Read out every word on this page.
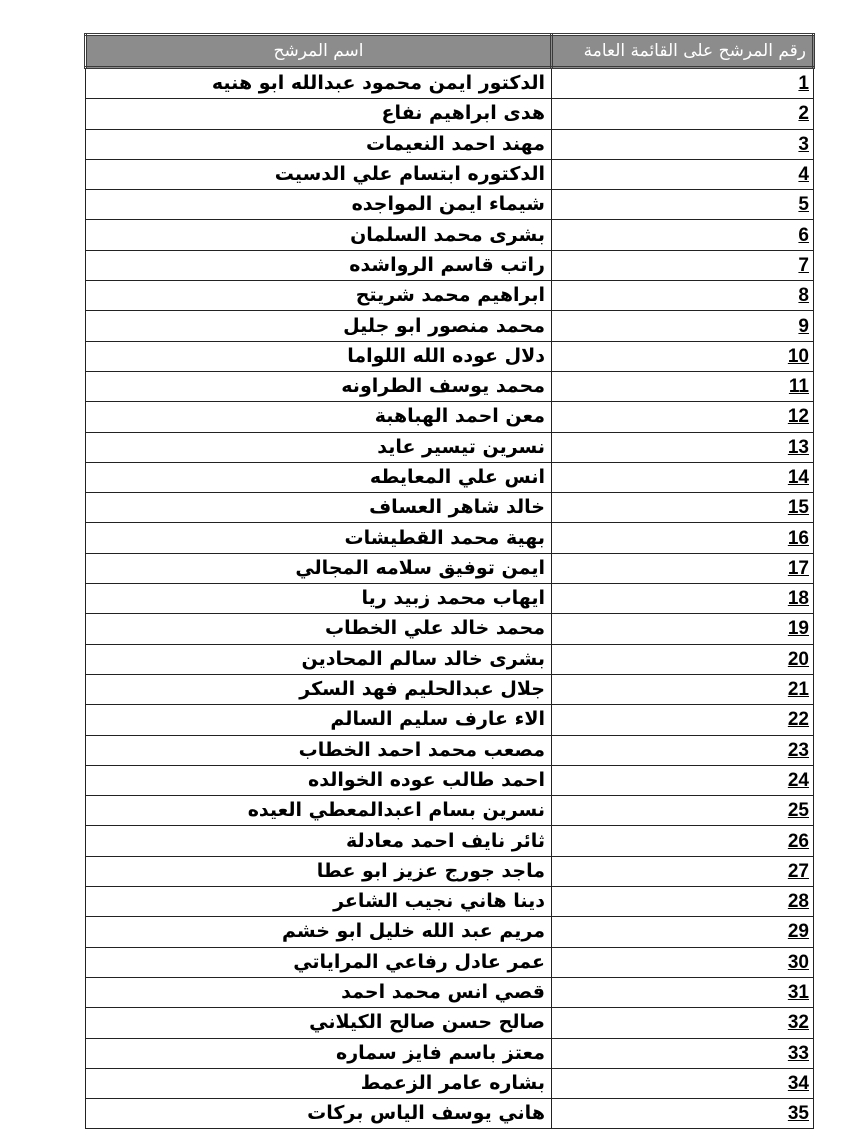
رقم المرشح على القائمة العامة	اسم المرشح
1	الدكتور ايمن محمود عبدالله ابو هنيه
2	هدى ابراهيم نفاع
3	مهند احمد النعيمات
4	الدكتوره ابتسام علي الدسيت
5	شيماء ايمن المواجده
6	بشرى محمد السلمان
7	راتب قاسم الرواشده
8	ابراهيم محمد شريتح
9	محمد منصور ابو جليل
10	دلال عوده الله اللواما
11	محمد يوسف الطراونه
12	معن احمد الهباهبة
13	نسرين تيسير عايد
14	انس علي المعايطه
15	خالد شاهر العساف
16	بهية محمد القطيشات
17	ايمن توفيق سلامه المجالي
18	ايهاب محمد زبيد ريا
19	محمد خالد علي الخطاب
20	بشرى خالد سالم المحادين
21	جلال عبدالحليم فهد السكر
22	الاء عارف سليم السالم
23	مصعب محمد احمد الخطاب
24	احمد طالب عوده الخوالده
25	نسرين بسام اعبدالمعطي العيده
26	ثائر نايف احمد معادلة
27	ماجد جورج عزيز ابو عطا
28	دينا هاني نجيب الشاعر
29	مريم عبد الله خليل ابو خشم
30	عمر عادل رفاعي المراياتي
31	قصي انس محمد احمد
32	صالح حسن صالح الكيلاني
33	معتز باسم فايز سماره
34	بشاره عامر الزعمط
35	هاني يوسف الياس بركات
